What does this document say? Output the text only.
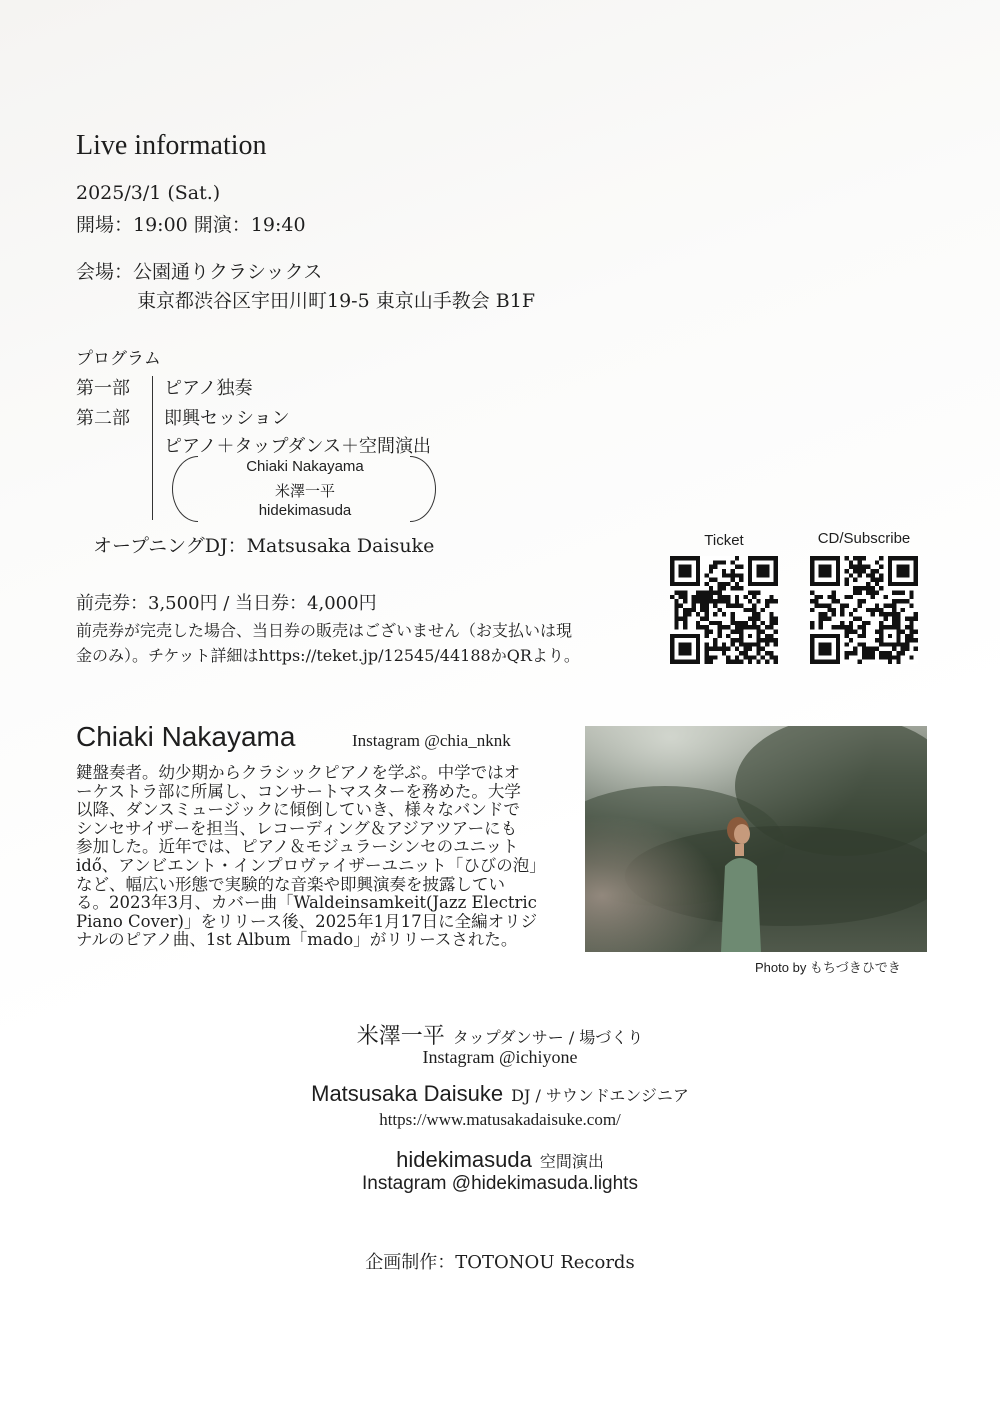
Live information
2025/3/1 (Sat.)
開場：19:00 開演：19:40
会場：公園通りクラシックス
東京都渋谷区宇田川町19-5 東京山手教会 B1F
プログラム
第一部 ピアノ独奏
第二部 即興セッション
ピアノ＋タップダンス＋空間演出
Chiaki Nakayama
米澤一平
hidekimasuda
オープニングDJ：Matsusaka Daisuke
前売券：3,500円 / 当日券：4,000円
前売券が完売した場合、当日券の販売はございません（お支払いは現
金のみ）。チケット詳細はhttps://teket.jp/12545/44188かQRより。
Ticket	CD/Subscribe
Chiaki Nakayama	Instagram @chia_nknk
鍵盤奏者。幼少期からクラシックピアノを学ぶ。中学ではオ
ーケストラ部に所属し、コンサートマスターを務めた。大学
以降、ダンスミュージックに傾倒していき、様々なバンドで
シンセサイザーを担当、レコーディング＆アジアツアーにも
参加した。近年では、ピアノ＆モジュラーシンセのユニット
idő、アンビエント・インプロヴァイザーユニット「ひびの泡」
など、幅広い形態で実験的な音楽や即興演奏を披露してい
る。2023年3月、カバー曲「Waldeinsamkeit(Jazz Electric
Piano Cover)」をリリース後、2025年1月17日に全編オリジ
ナルのピアノ曲、1st Album「mado」がリリースされた。
Photo by もちづきひでき
米澤一平 タップダンサー / 場づくり
Instagram @ichiyone
Matsusaka Daisuke DJ / サウンドエンジニア
https://www.matusakadaisuke.com/
hidekimasuda 空間演出
Instagram @hidekimasuda.lights
企画制作：TOTONOU Records
